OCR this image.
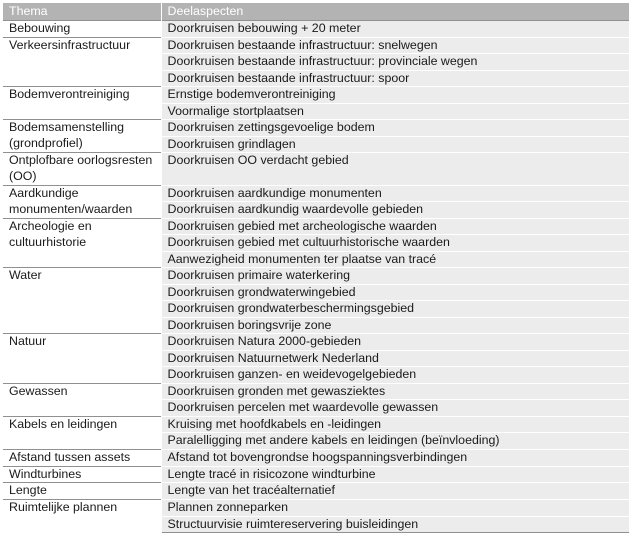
Thema	Deelaspecten
Bebouwing	Doorkruisen bebouwing + 20 meter
Verkeersinfrastructuur	Doorkruisen bestaande infrastructuur: snelwegen
	Doorkruisen bestaande infrastructuur: provinciale wegen
	Doorkruisen bestaande infrastructuur: spoor
Bodemverontreiniging	Ernstige bodemverontreiniging
	Voormalige stortplaatsen
Bodemsamenstelling (grondprofiel)	Doorkruisen zettingsgevoelige bodem
	Doorkruisen grindlagen
Ontplofbare oorlogsresten (OO)	Doorkruisen OO verdacht gebied
Aardkundige monumenten/waarden	Doorkruisen aardkundige monumenten
	Doorkruisen aardkundig waardevolle gebieden
Archeologie en cultuurhistorie	Doorkruisen gebied met archeologische waarden
	Doorkruisen gebied met cultuurhistorische waarden
	Aanwezigheid monumenten ter plaatse van tracé
Water	Doorkruisen primaire waterkering
	Doorkruisen grondwaterwingebied
	Doorkruisen grondwaterbeschermingsgebied
	Doorkruisen boringsvrije zone
Natuur	Doorkruisen Natura 2000-gebieden
	Doorkruisen Natuurnetwerk Nederland
	Doorkruisen ganzen- en weidevogelgebieden
Gewassen	Doorkruisen gronden met gewasziektes
	Doorkruisen percelen met waardevolle gewassen
Kabels en leidingen	Kruising met hoofdkabels en -leidingen
	Paralelligging met andere kabels en leidingen (beïnvloeding)
Afstand tussen assets	Afstand tot bovengrondse hoogspanningsverbindingen
Windturbines	Lengte tracé in risicozone windturbine
Lengte	Lengte van het tracéalternatief
Ruimtelijke plannen	Plannen zonneparken
	Structuurvisie ruimtereservering buisleidingen
